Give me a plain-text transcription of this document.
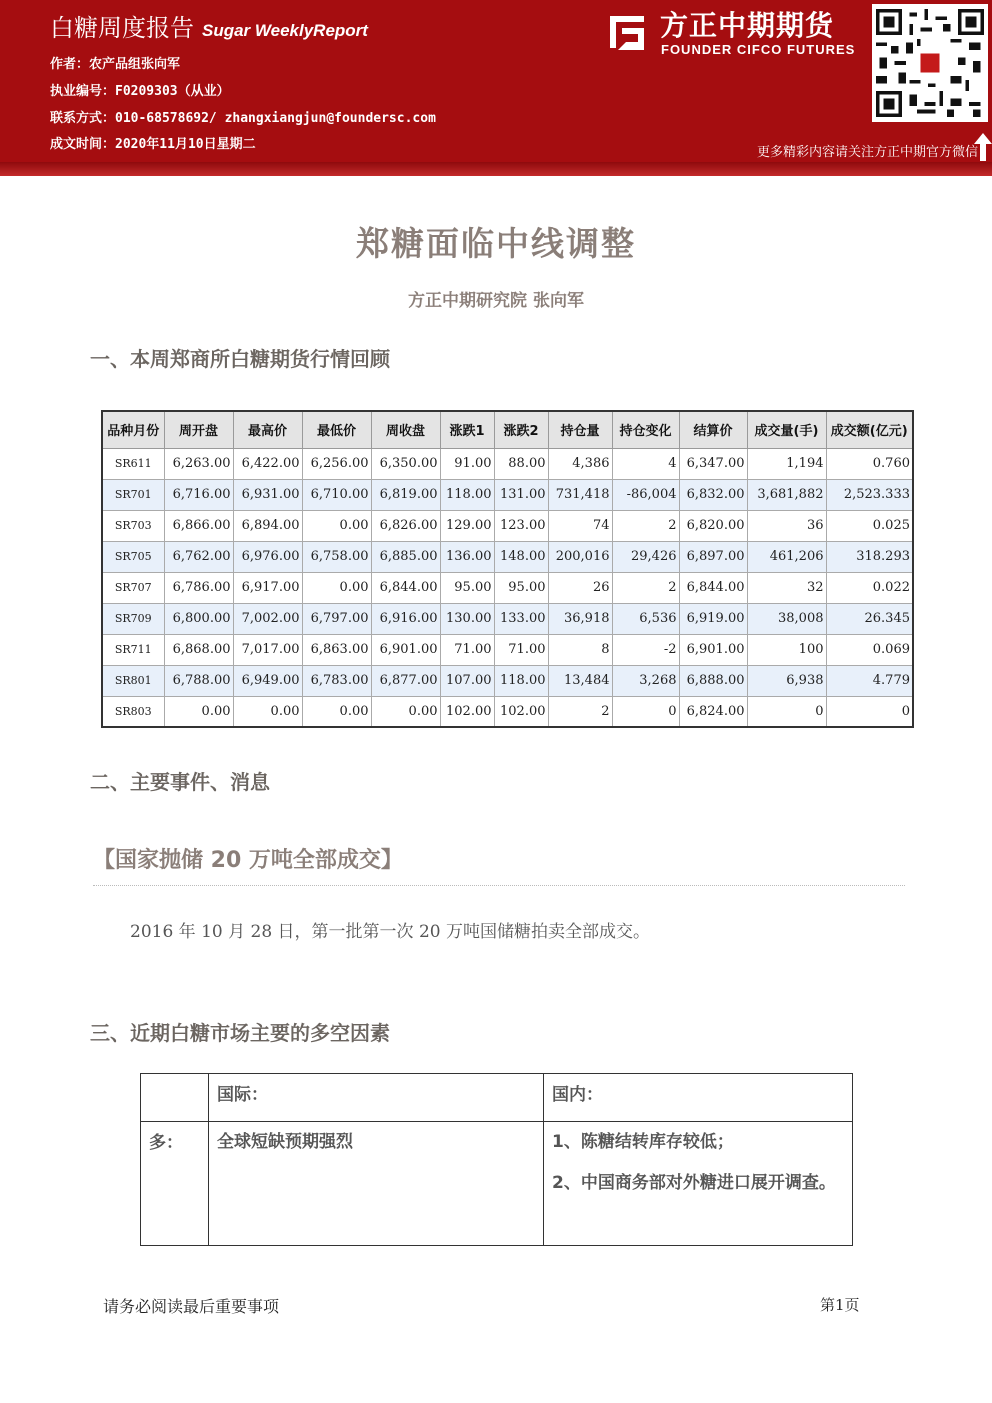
白糖周度报告 Sugar WeeklyReport
作者：农产品组张向军
执业编号：F0209303（从业）
联系方式：010-68578692/ zhangxiangjun@foundersc.com
成文时间：2020年11月10日星期二
方正中期期货
FOUNDER CIFCO FUTURES
更多精彩内容请关注方正中期官方微信
郑糖面临中线调整
方正中期研究院 张向军
一、本周郑商所白糖期货行情回顾
品种月份	周开盘	最高价	最低价	周收盘	涨跌1	涨跌2	持仓量	持仓变化	结算价	成交量(手)	成交额(亿元)
SR611	6,263.00	6,422.00	6,256.00	6,350.00	91.00	88.00	4,386	4	6,347.00	1,194	0.760
SR701	6,716.00	6,931.00	6,710.00	6,819.00	118.00	131.00	731,418	-86,004	6,832.00	3,681,882	2,523.333
SR703	6,866.00	6,894.00	0.00	6,826.00	129.00	123.00	74	2	6,820.00	36	0.025
SR705	6,762.00	6,976.00	6,758.00	6,885.00	136.00	148.00	200,016	29,426	6,897.00	461,206	318.293
SR707	6,786.00	6,917.00	0.00	6,844.00	95.00	95.00	26	2	6,844.00	32	0.022
SR709	6,800.00	7,002.00	6,797.00	6,916.00	130.00	133.00	36,918	6,536	6,919.00	38,008	26.345
SR711	6,868.00	7,017.00	6,863.00	6,901.00	71.00	71.00	8	-2	6,901.00	100	0.069
SR801	6,788.00	6,949.00	6,783.00	6,877.00	107.00	118.00	13,484	3,268	6,888.00	6,938	4.779
SR803	0.00	0.00	0.00	0.00	102.00	102.00	2	0	6,824.00	0	0
二、主要事件、消息
【国家抛储 20 万吨全部成交】
2016 年 10 月 28 日，第一批第一次 20 万吨国储糖拍卖全部成交。
三、近期白糖市场主要的多空因素
	国际：	国内：
多：	全球短缺预期强烈	1、陈糖结转库存较低；
2、中国商务部对外糖进口展开调查。
请务必阅读最后重要事项	第1页
